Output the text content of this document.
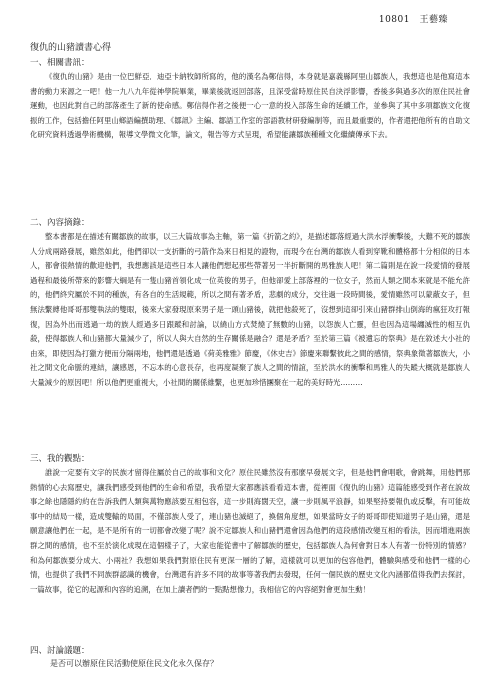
10801　王藝臻
復仇的山豬讀書心得
一、相關書訊：

《復仇的山豬》是由一位巴鮮亞．迪亞卡納牧師所寫的，他的漢名為鄭信得，本身就是嘉義縣阿里山鄒族人，我想這也是他寫這本書的動力來源之一吧！他一九八九年從神學院畢業，畢業後就返回部落，且深受當時原住民自決浮影響，香後多與過多次的原住民社會運動，也因此對自己的部落產生了新的使命感。鄭信得作者之後便一心一意的投入部落生命的延續工作，並參與了其中多項鄒族文化復振的工作，包括擔任阿里山鄉語編撰助理、《鄒訊》主編、鄒語工作室的部語教材研發編制等，而且最重要的，作者還把他所有的自助文化研究資料透過學術機構，報導文學微文化筆，論文，報告等方式呈現，希望能讓鄒族種種文化繼續傳承下去。

二、內容摘錄：

整本書都是在描述有關鄒族的故事，以三大篇故事為主軸，第一篇《折箭之約》，是描述鄒落經過大洪水浮衝擊後，大難不死的鄒族人分成兩路發展，雖然如此，他們卻以一支折斷的弓箭作為來日相見的證物，而現今在台灣的鄒族人看到穿靴和體格都十分相似的日本人，都會很熱情的歡迎他們，我想應該是這些日本人讓他們想起那些帶著另一半折斷開的馬雅族人吧！第二篇則是在說一段愛情的發展過程和最後所帶來的影響大綱是有一隻山豬首領化成一位英俊的男子，但他卻愛上部落裡的一位女子，然而人類之間本來就是不能允許的，他們終究屬於不同的種族，有各自的生活規範，所以之間有著矛盾，悲劇的成分，交往過一段時間後，愛情雖然可以蒙蔽女子，但無法繫縛他哥哥那雙執法的雙眼，後來大家發現原來男子是一頭山豬後，就把他殺死了，沒想到這卻引來山豬群排山倒海的瘋狂攻打報復，因為外出而逃過一劫的族人經過多日跟蹤和討論，以繞山方式焚燒了無數的山豬，以怨族人亡靈，但也因為這場纏滅性的相互仇殺，使得鄒族人和山豬都大量減少了，所以人與大自然的生存關係是融合？還是矛盾？至於第三篇《被遺忘的祭典》是在敘述大小社的由來，即使因為打獵方便而分隔兩地，他們還是透過《荷美雅雅》節慶，《休史吉》節慶來聯繫彼此之間的感情，祭典象徵著鄒族大，小社之間文化命脈的連結，讓感恩，不忘本的心意長存，也再度凝聚了族人之間的情誼，至於洪水的衝擊和馬雅人的失蹤大概就是鄒族人大量減少的原因吧！所以他們更重視大，小社間的關係維繫，也更加珍惜團聚在一起的美好時光………

三、我的觀點：

誰說一定要有文字的民族才留得住屬於自己的故事和文化？原住民雖然沒有那麼早發展文字，但是他們會唱歌，會跳舞，用他們那熱情的心去寫歷史，讓我們感受到他們的生命和希望，我希望大家都應該看看這本書，從裡面《復仇的山豬》這篇能感受到作者在說故事之餘也隱隱約約在告訴我們人類與萬物應該要互相包容，這一步則海闊天空，讓一步則風平浪靜，如果堅持要報仇或反擊，有可能故事中的結局一樣，造成雙輸的局面，不僅部族人受了，連山豬也滅絕了，換個角度想，如果當時女子的哥哥即使知道男子是山豬，還是願意讓他們在一起，是不是所有的一切都會改變了呢？說不定鄒族人和山豬們還會因為他們的這段感情改變互相的看法，因而增進兩族群之間的感情，也不至於演化成現在這個樣子了，大家也能從書中了解鄒族的歷史，包括鄒族人為何會對日本人有著一份特別的情感？和為何鄒族要分成大、小兩社？我想如果我們對原住民有更深一層的了解，這樣就可以更加的包容他們，體驗與感受和他們一樣的心情，也提供了我們不同族群認識的機會，台灣還有許多不同的故事等著我們去發現，任何一個民族的歷史文化內涵都值得我們去探討，一篇故事，從它的起源和內容的追溯，在加上讀者們的一點點想像力，我相信它的內容絕對會更加生動！

四、討論議題：
是否可以辦原住民活動使原住民文化永久保存？
